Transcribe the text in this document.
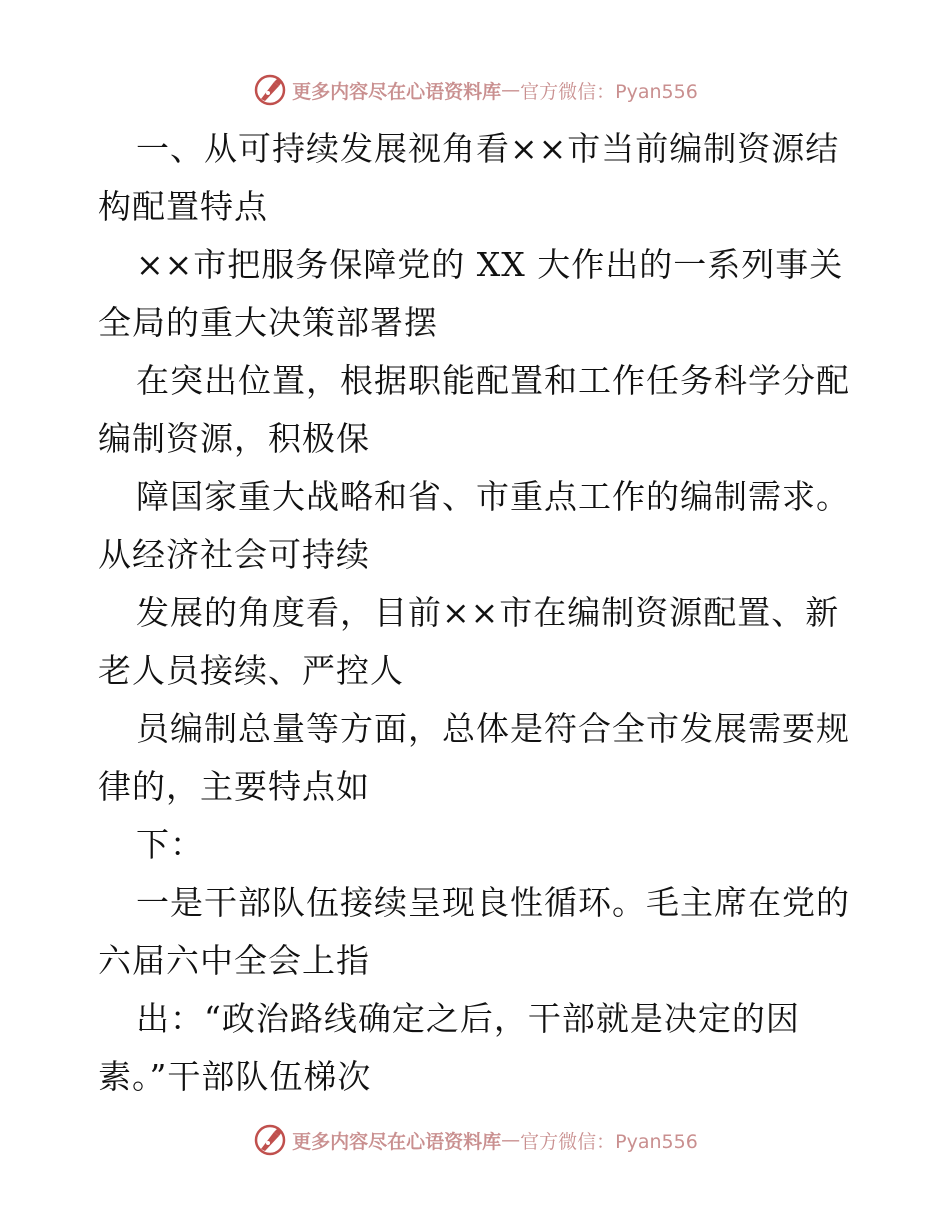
更多内容尽在心语资料库 — 官方微信：Pyan556
一、从可持续发展视角看××市当前编制资源结
构配置特点
××市把服务保障党的 XX 大作出的一系列事关
全局的重大决策部署摆
在突出位置，根据职能配置和工作任务科学分配
编制资源，积极保
障国家重大战略和省、市重点工作的编制需求。
从经济社会可持续
发展的角度看，目前××市在编制资源配置、新
老人员接续、严控人
员编制总量等方面，总体是符合全市发展需要规
律的，主要特点如
下：
一是干部队伍接续呈现良性循环。毛主席在党的
六届六中全会上指
出：“政治路线确定之后，干部就是决定的因
素。”干部队伍梯次
更多内容尽在心语资料库 — 官方微信：Pyan556
